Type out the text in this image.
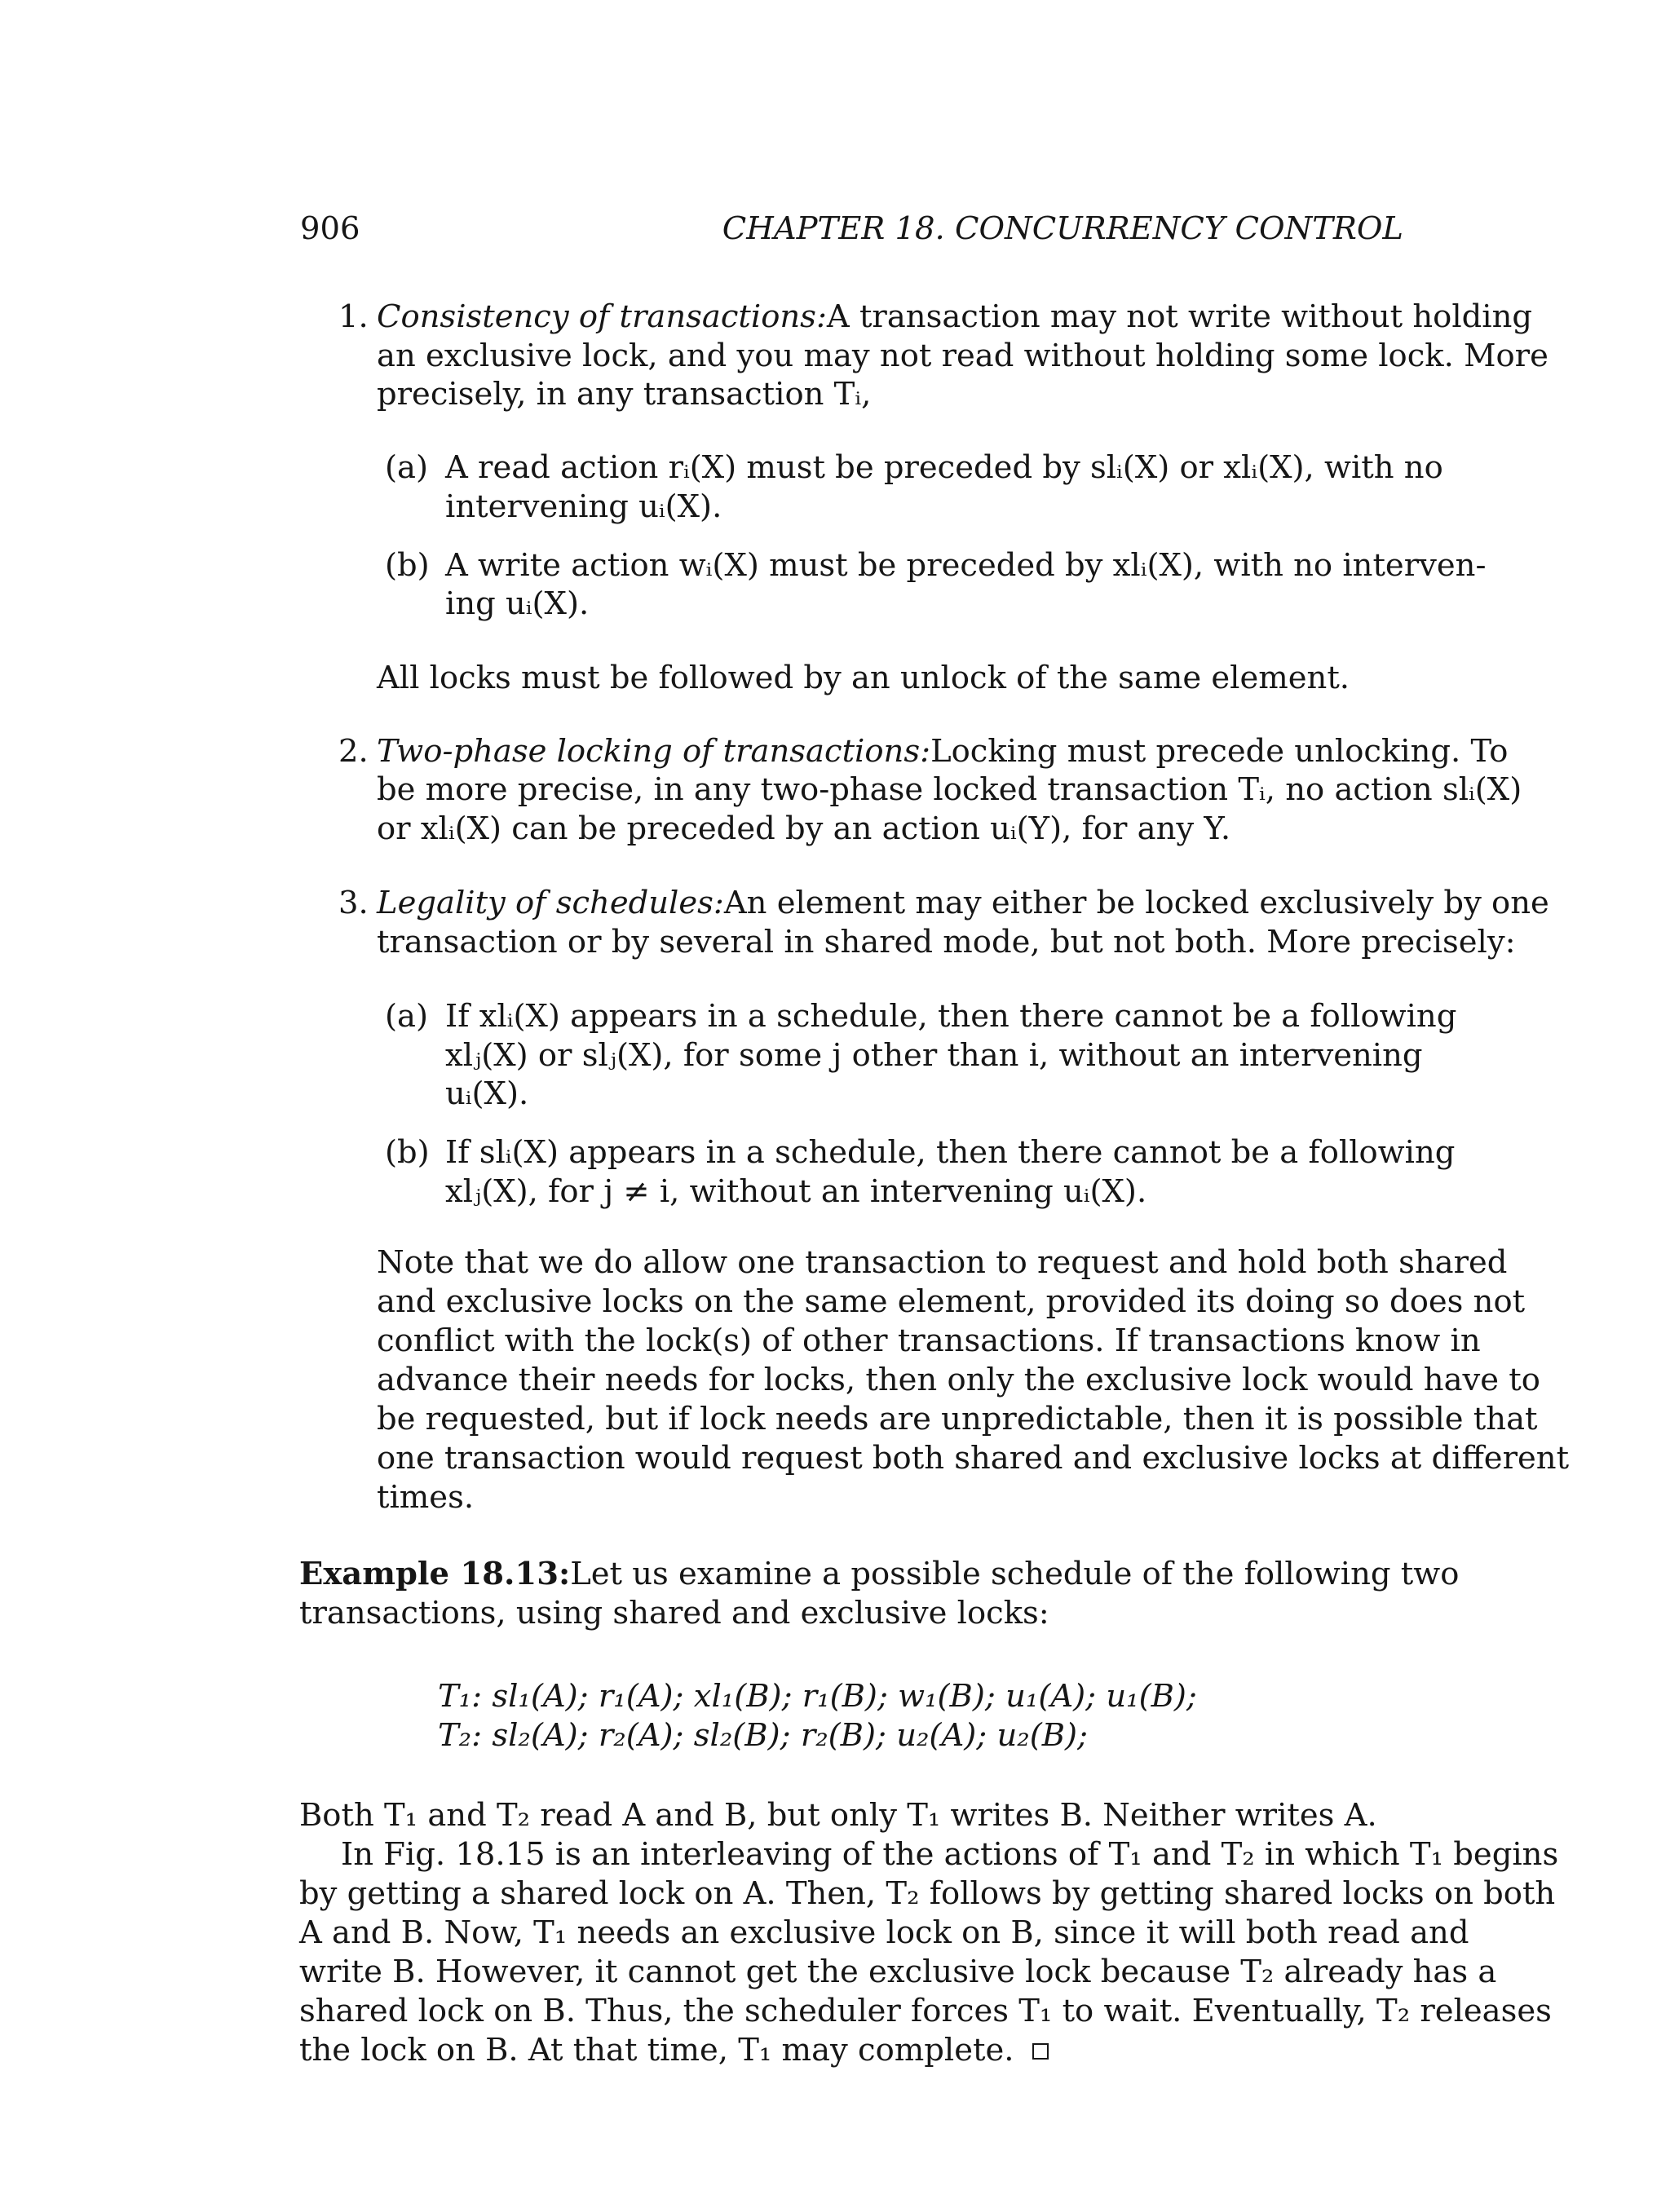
906	CHAPTER 18. CONCURRENCY CONTROL
1. Consistency of transactions: A transaction may not write without holding
an exclusive lock, and you may not read without holding some lock. More
precisely, in any transaction Tᵢ,
(a) A read action rᵢ(X) must be preceded by slᵢ(X) or xlᵢ(X), with no
intervening uᵢ(X).
(b) A write action wᵢ(X) must be preceded by xlᵢ(X), with no interven-
ing uᵢ(X).
All locks must be followed by an unlock of the same element.
2. Two-phase locking of transactions: Locking must precede unlocking. To
be more precise, in any two-phase locked transaction Tᵢ, no action slᵢ(X)
or xlᵢ(X) can be preceded by an action uᵢ(Y), for any Y.
3. Legality of schedules: An element may either be locked exclusively by one
transaction or by several in shared mode, but not both. More precisely:
(a) If xlᵢ(X) appears in a schedule, then there cannot be a following
xlⱼ(X) or slⱼ(X), for some j other than i, without an intervening
uᵢ(X).
(b) If slᵢ(X) appears in a schedule, then there cannot be a following
xlⱼ(X), for j ≠ i, without an intervening uᵢ(X).
Note that we do allow one transaction to request and hold both shared
and exclusive locks on the same element, provided its doing so does not
conflict with the lock(s) of other transactions. If transactions know in
advance their needs for locks, then only the exclusive lock would have to
be requested, but if lock needs are unpredictable, then it is possible that
one transaction would request both shared and exclusive locks at different
times.
Example 18.13: Let us examine a possible schedule of the following two
transactions, using shared and exclusive locks:
T₁: sl₁(A); r₁(A); xl₁(B); r₁(B); w₁(B); u₁(A); u₁(B);
T₂: sl₂(A); r₂(A); sl₂(B); r₂(B); u₂(A); u₂(B);
Both T₁ and T₂ read A and B, but only T₁ writes B. Neither writes A.
In Fig. 18.15 is an interleaving of the actions of T₁ and T₂ in which T₁ begins
by getting a shared lock on A. Then, T₂ follows by getting shared locks on both
A and B. Now, T₁ needs an exclusive lock on B, since it will both read and
write B. However, it cannot get the exclusive lock because T₂ already has a
shared lock on B. Thus, the scheduler forces T₁ to wait. Eventually, T₂ releases
the lock on B. At that time, T₁ may complete.
